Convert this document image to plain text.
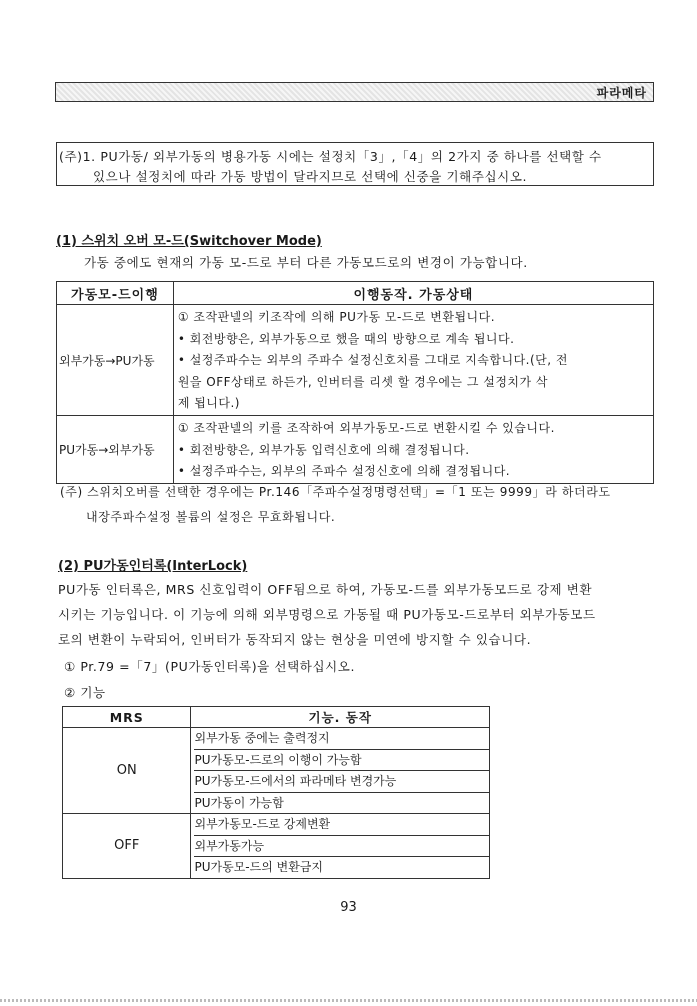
파라메타
(주)1. PU가동/ 외부가동의 병용가동 시에는 설정치「3」,「4」의 2가지 중 하나를 선택할 수
있으나 설정치에 따라 가동 방법이 달라지므로 선택에 신중을 기해주십시오.
(1) 스위치 오버 모-드(Switchover Mode)
가동 중에도 현재의 가동 모-드로 부터 다른 가동모드로의 변경이 가능합니다.
가동모-드이행	이행동작. 가동상태
외부가동→PU가동	① 조작판넬의 키조작에 의해 PU가동 모-드로 변환됩니다.
• 회전방향은, 외부가동으로 했을 때의 방향으로 계속 됩니다.
• 설정주파수는 외부의 주파수 설정신호치를 그대로 지속합니다.(단, 전
원을 OFF상태로 하든가, 인버터를 리셋 할 경우에는 그 설정치가 삭
제 됩니다.)

PU가동→외부가동	① 조작판넬의 키를 조작하여 외부가동모-드로 변환시킬 수 있습니다.
• 회전방향은, 외부가동 입력신호에 의해 결정됩니다.
• 설정주파수는, 외부의 주파수 설정신호에 의해 결정됩니다.
(주) 스위치오버를 선택한 경우에는 Pr.146「주파수설정명령선택」=「1 또는 9999」라 하더라도
내장주파수설정 볼륨의 설정은 무효화됩니다.
(2) PU가동인터록(InterLock)
PU가동 인터록은, MRS 신호입력이 OFF됨으로 하여, 가동모-드를 외부가동모드로 강제 변환
시키는 기능입니다. 이 기능에 의해 외부명령으로 가동될 때 PU가동모-드로부터 외부가동모드
로의 변환이 누락되어, 인버터가 동작되지 않는 현상을 미연에 방지할 수 있습니다.
① Pr.79 =「7」(PU가동인터록)을 선택하십시오.
② 기능
MRS	기능. 동작
ON	외부가동 중에는 출력정지
PU가동모-드로의 이행이 가능함
PU가동모-드에서의 파라메타 변경가능
PU가동이 가능함

OFF	외부가동모-드로 강제변환
외부가동가능
PU가동모-드의 변환금지
93
